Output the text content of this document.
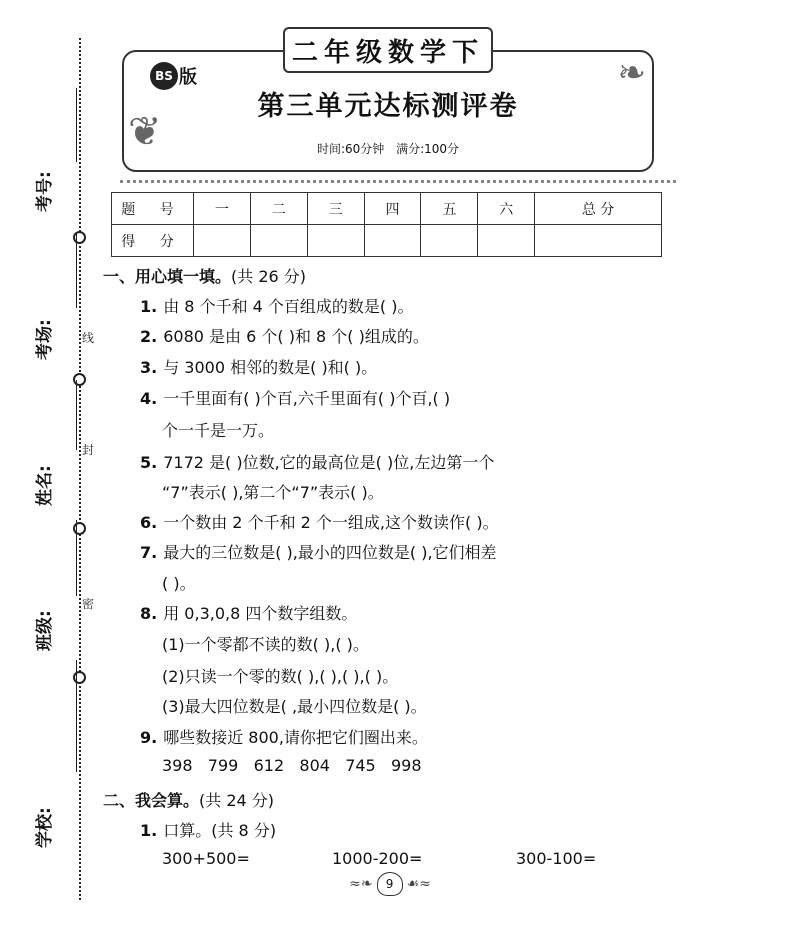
线
封
密
考号:
考场:
姓名:
班级:
学校:
❦
❧
二年级数学下
BS 版
第三单元达标测评卷
时间:60分钟 满分:100分
题 号	一	二	三	四	五	六	总 分
得 分							
一、用心填一填。(共 26 分)
1. 由 8 个千和 4 个百组成的数是( )。
2. 6080 是由 6 个( )和 8 个( )组成的。
3. 与 3000 相邻的数是( )和( )。
4. 一千里面有( )个百,六千里面有( )个百,( )
个一千是一万。
5. 7172 是( )位数,它的最高位是( )位,左边第一个
“7”表示( ),第二个“7”表示( )。
6. 一个数由 2 个千和 2 个一组成,这个数读作( )。
7. 最大的三位数是( ),最小的四位数是( ),它们相差
( )。
8. 用 0,3,0,8 四个数字组数。
(1)一个零都不读的数( ),( )。
(2)只读一个零的数( ),( ),( ),( )。
(3)最大四位数是( ,最小四位数是( )。
9. 哪些数接近 800,请你把它们圈出来。
398   799   612   804   745   998
二、我会算。(共 24 分)
1. 口算。(共 8 分)
300+500=	1000-200=	300-100=
≈❧	9 ☙≈
